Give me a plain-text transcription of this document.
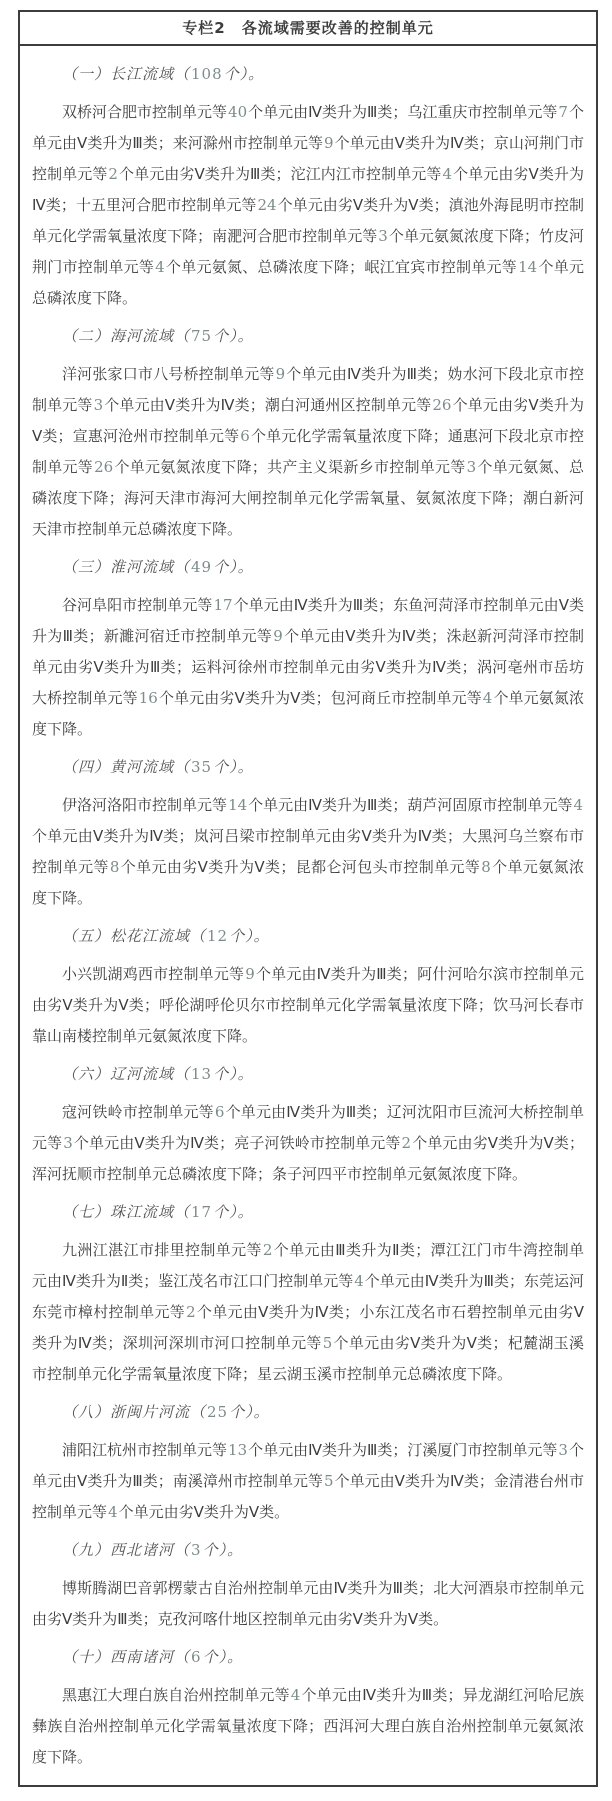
专栏2　各流域需要改善的控制单元

（一）长江流域（108个）。

双桥河合肥市控制单元等40个单元由Ⅳ类升为Ⅲ类；乌江重庆市控制单元等7个单元由Ⅴ类升为Ⅲ类；来河滁州市控制单元等9个单元由Ⅴ类升为Ⅳ类；京山河荆门市控制单元等2个单元由劣Ⅴ类升为Ⅲ类；沱江内江市控制单元等4个单元由劣Ⅴ类升为Ⅳ类；十五里河合肥市控制单元等24个单元由劣Ⅴ类升为Ⅴ类；滇池外海昆明市控制单元化学需氧量浓度下降；南淝河合肥市控制单元等3个单元氨氮浓度下降；竹皮河荆门市控制单元等4个单元氨氮、总磷浓度下降；岷江宜宾市控制单元等14个单元总磷浓度下降。

（二）海河流域（75个）。

洋河张家口市八号桥控制单元等9个单元由Ⅳ类升为Ⅲ类；妫水河下段北京市控制单元等3个单元由Ⅴ类升为Ⅳ类；潮白河通州区控制单元等26个单元由劣Ⅴ类升为Ⅴ类；宣惠河沧州市控制单元等6个单元化学需氧量浓度下降；通惠河下段北京市控制单元等26个单元氨氮浓度下降；共产主义渠新乡市控制单元等3个单元氨氮、总磷浓度下降；海河天津市海河大闸控制单元化学需氧量、氨氮浓度下降；潮白新河天津市控制单元总磷浓度下降。

（三）淮河流域（49个）。

谷河阜阳市控制单元等17个单元由Ⅳ类升为Ⅲ类；东鱼河菏泽市控制单元由Ⅴ类升为Ⅲ类；新濉河宿迁市控制单元等9个单元由Ⅴ类升为Ⅳ类；洙赵新河菏泽市控制单元由劣Ⅴ类升为Ⅲ类；运料河徐州市控制单元由劣Ⅴ类升为Ⅳ类；涡河亳州市岳坊大桥控制单元等16个单元由劣Ⅴ类升为Ⅴ类；包河商丘市控制单元等4个单元氨氮浓度下降。

（四）黄河流域（35个）。

伊洛河洛阳市控制单元等14个单元由Ⅳ类升为Ⅲ类；葫芦河固原市控制单元等4个单元由Ⅴ类升为Ⅳ类；岚河吕梁市控制单元由劣Ⅴ类升为Ⅳ类；大黑河乌兰察布市控制单元等8个单元由劣Ⅴ类升为Ⅴ类；昆都仑河包头市控制单元等8个单元氨氮浓度下降。

（五）松花江流域（12个）。

小兴凯湖鸡西市控制单元等9个单元由Ⅳ类升为Ⅲ类；阿什河哈尔滨市控制单元由劣Ⅴ类升为Ⅴ类；呼伦湖呼伦贝尔市控制单元化学需氧量浓度下降；饮马河长春市靠山南楼控制单元氨氮浓度下降。

（六）辽河流域（13个）。

寇河铁岭市控制单元等6个单元由Ⅳ类升为Ⅲ类；辽河沈阳市巨流河大桥控制单元等3个单元由Ⅴ类升为Ⅳ类；亮子河铁岭市控制单元等2个单元由劣Ⅴ类升为Ⅴ类；浑河抚顺市控制单元总磷浓度下降；条子河四平市控制单元氨氮浓度下降。

（七）珠江流域（17个）。

九洲江湛江市排里控制单元等2个单元由Ⅲ类升为Ⅱ类；潭江江门市牛湾控制单元由Ⅳ类升为Ⅱ类；鉴江茂名市江口门控制单元等4个单元由Ⅳ类升为Ⅲ类；东莞运河东莞市樟村控制单元等2个单元由Ⅴ类升为Ⅳ类；小东江茂名市石碧控制单元由劣Ⅴ类升为Ⅳ类；深圳河深圳市河口控制单元等5个单元由劣Ⅴ类升为Ⅴ类；杞麓湖玉溪市控制单元化学需氧量浓度下降；星云湖玉溪市控制单元总磷浓度下降。

（八）浙闽片河流（25个）。

浦阳江杭州市控制单元等13个单元由Ⅳ类升为Ⅲ类；汀溪厦门市控制单元等3个单元由Ⅴ类升为Ⅲ类；南溪漳州市控制单元等5个单元由Ⅴ类升为Ⅳ类；金清港台州市控制单元等4个单元由劣Ⅴ类升为Ⅴ类。

（九）西北诸河（3个）。

博斯腾湖巴音郭楞蒙古自治州控制单元由Ⅳ类升为Ⅲ类；北大河酒泉市控制单元由劣Ⅴ类升为Ⅲ类；克孜河喀什地区控制单元由劣Ⅴ类升为Ⅴ类。

（十）西南诸河（6个）。

黑惠江大理白族自治州控制单元等4个单元由Ⅳ类升为Ⅲ类；异龙湖红河哈尼族彝族自治州控制单元化学需氧量浓度下降；西洱河大理白族自治州控制单元氨氮浓度下降。
